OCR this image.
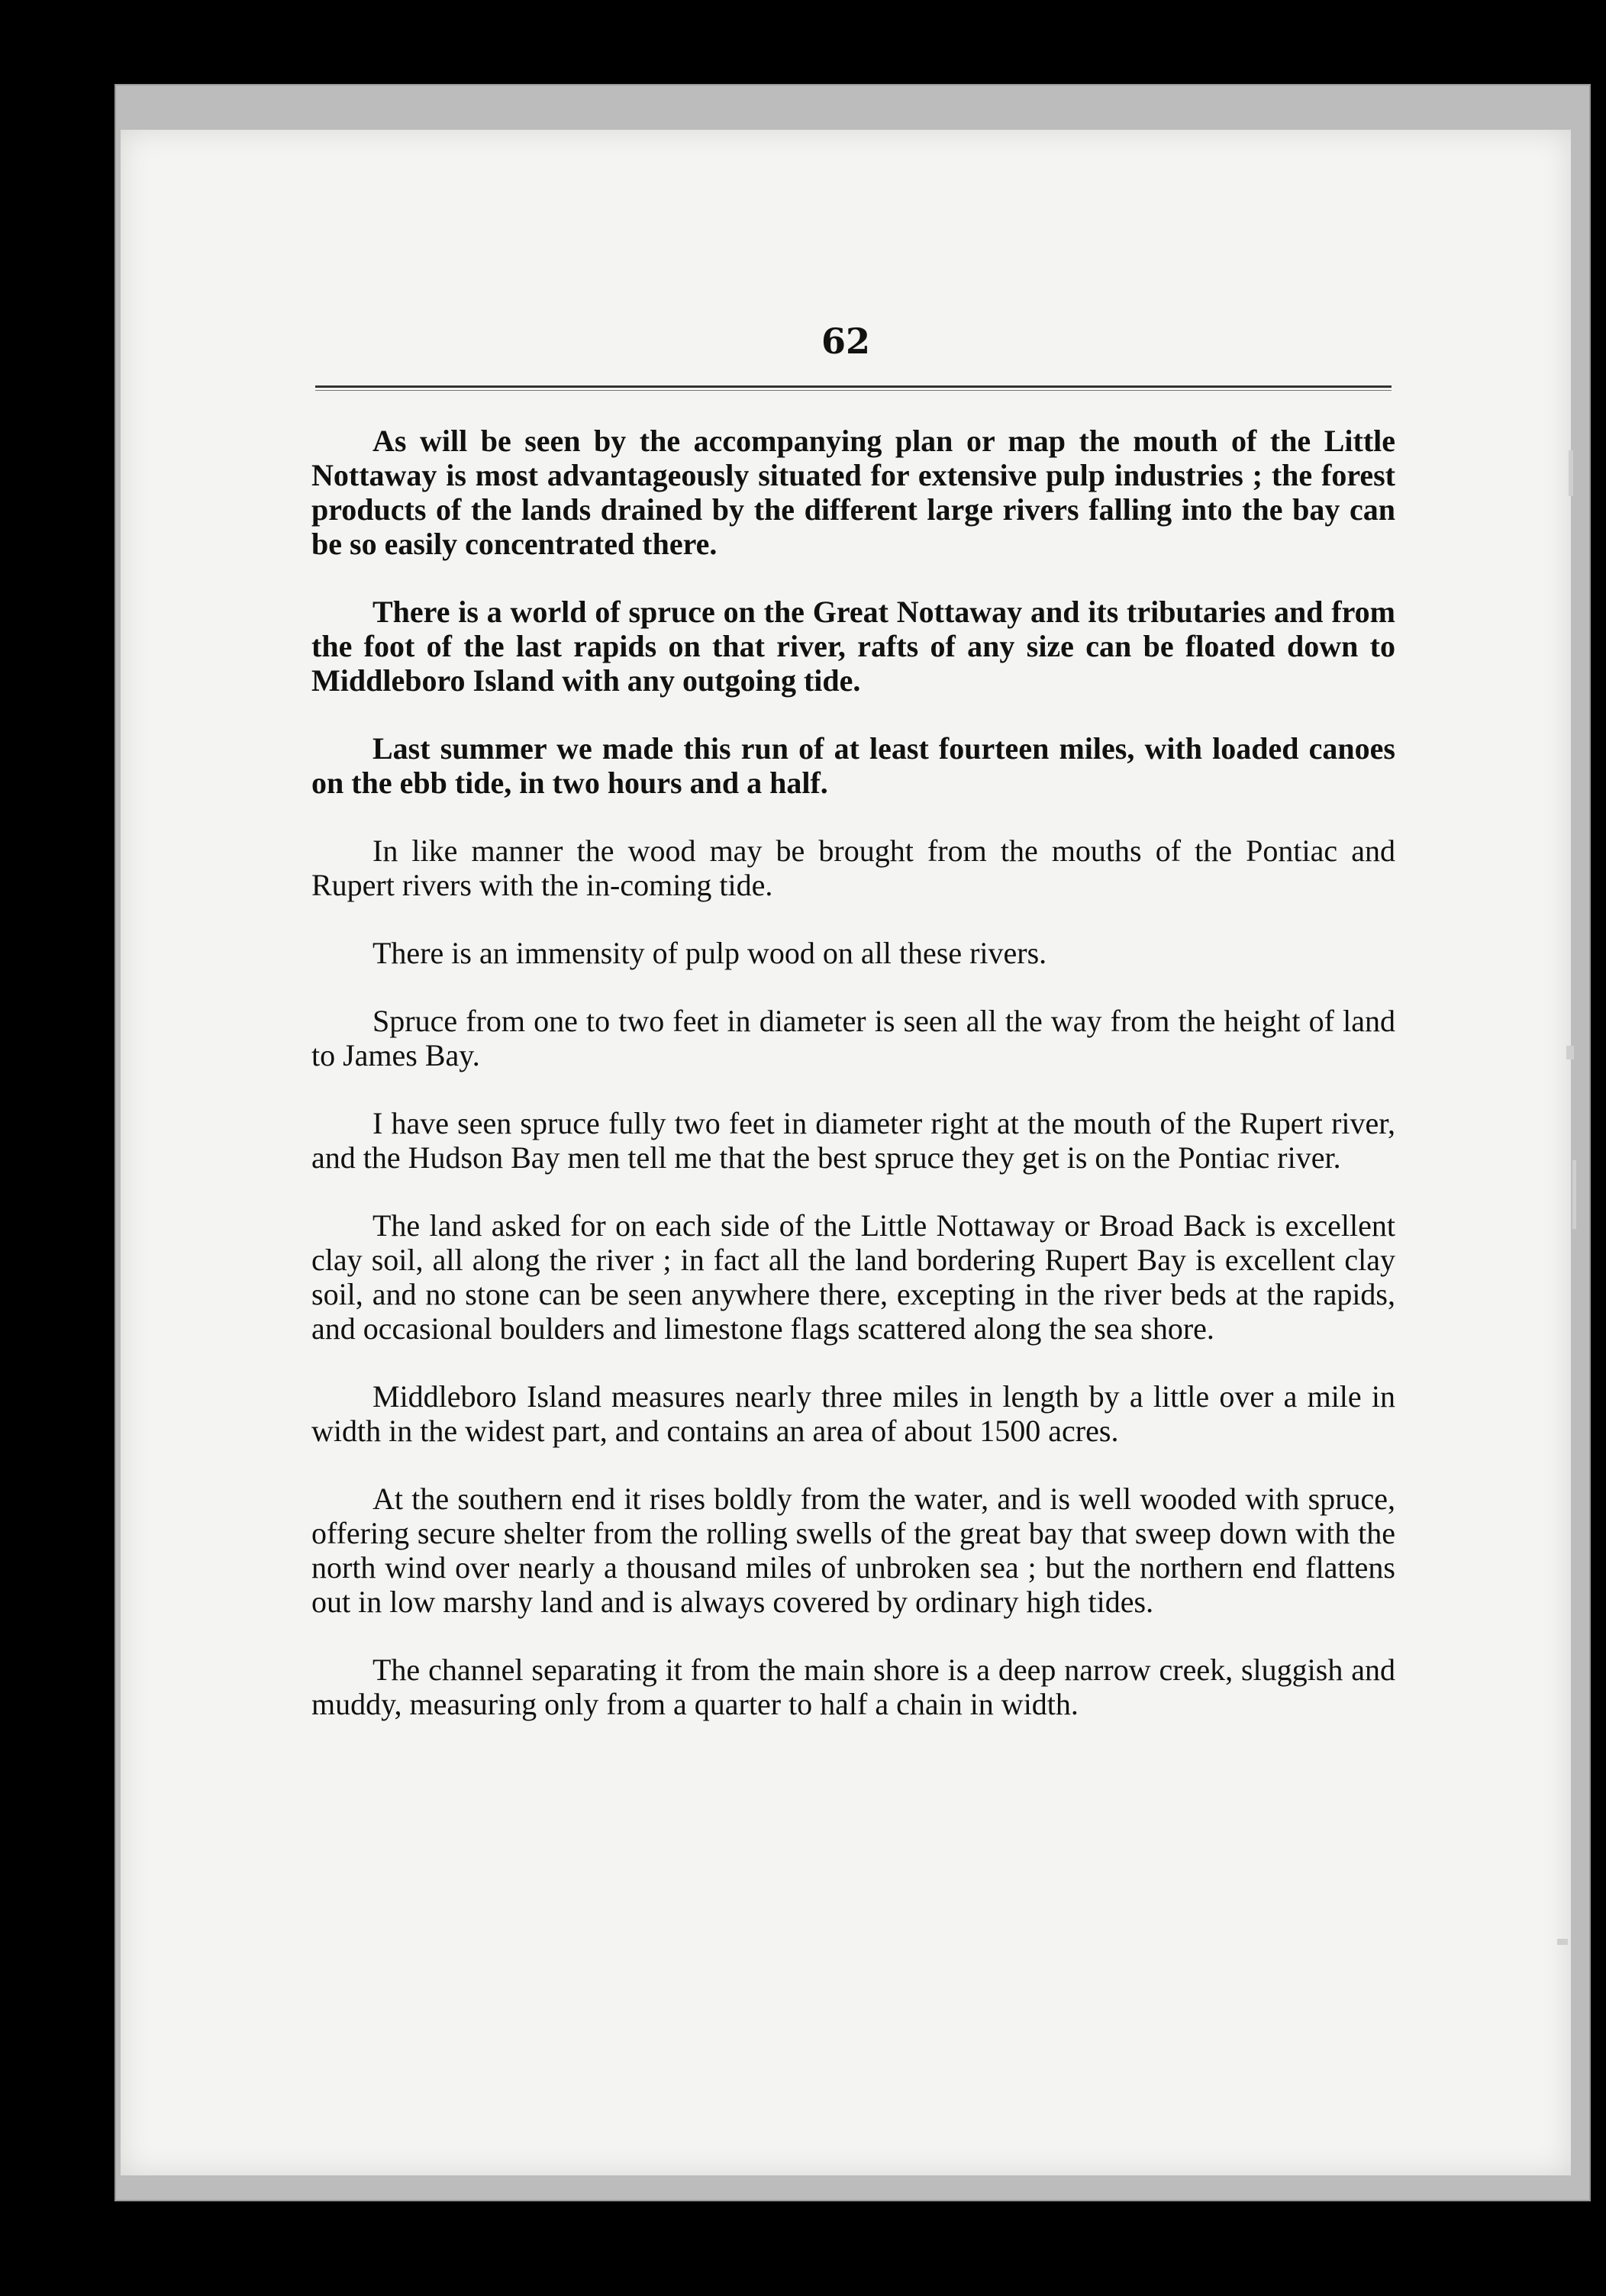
62

As will be seen by the accompanying plan or map the mouth of the Little Nottaway is most advantageously situated for extensive pulp industries ; the forest products of the lands drained by the different large rivers falling into the bay can be so easily concentrated there.

There is a world of spruce on the Great Nottaway and its tributaries and from the foot of the last rapids on that river, rafts of any size can be floated down to Middleboro Island with any outgoing tide.

Last summer we made this run of at least fourteen miles, with loaded canoes on the ebb tide, in two hours and a half.

In like manner the wood may be brought from the mouths of the Pontiac and Rupert rivers with the in-coming tide.

There is an immensity of pulp wood on all these rivers.

Spruce from one to two feet in diameter is seen all the way from the height of land to James Bay.

I have seen spruce fully two feet in diameter right at the mouth of the Rupert river, and the Hudson Bay men tell me that the best spruce they get is on the Pontiac river.

The land asked for on each side of the Little Nottaway or Broad Back is excellent clay soil, all along the river ; in fact all the land bordering Rupert Bay is excellent clay soil, and no stone can be seen anywhere there, excepting in the river beds at the rapids, and occasional boulders and limestone flags scattered along the sea shore.

Middleboro Island measures nearly three miles in length by a little over a mile in width in the widest part, and contains an area of about 1500 acres.

At the southern end it rises boldly from the water, and is well wooded with spruce, offering secure shelter from the rolling swells of the great bay that sweep down with the north wind over nearly a thousand miles of unbroken sea ; but the northern end flattens out in low marshy land and is always covered by ordinary high tides.

The channel separating it from the main shore is a deep narrow creek, sluggish and muddy, measuring only from a quarter to half a chain in width.
